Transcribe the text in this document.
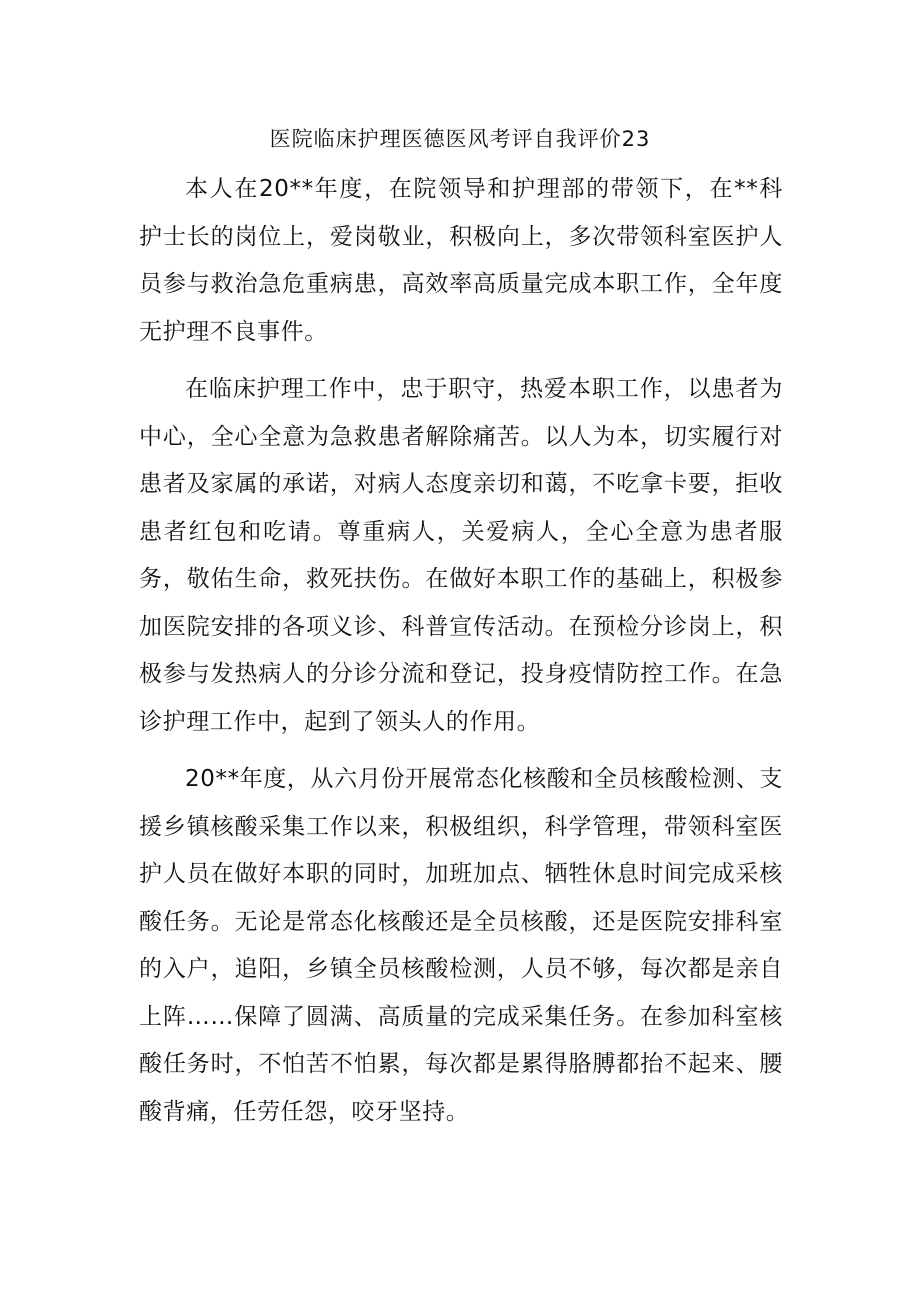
医院临床护理医德医风考评自我评价23

本人在20**年度，在院领导和护理部的带领下，在**科护士长的岗位上，爱岗敬业，积极向上，多次带领科室医护人员参与救治急危重病患，高效率高质量完成本职工作，全年度无护理不良事件。

在临床护理工作中，忠于职守，热爱本职工作，以患者为中心，全心全意为急救患者解除痛苦。以人为本，切实履行对患者及家属的承诺，对病人态度亲切和蔼，不吃拿卡要，拒收患者红包和吃请。尊重病人，关爱病人，全心全意为患者服务，敬佑生命，救死扶伤。在做好本职工作的基础上，积极参加医院安排的各项义诊、科普宣传活动。在预检分诊岗上，积极参与发热病人的分诊分流和登记，投身疫情防控工作。在急诊护理工作中，起到了领头人的作用。

20**年度，从六月份开展常态化核酸和全员核酸检测、支援乡镇核酸采集工作以来，积极组织，科学管理，带领科室医护人员在做好本职的同时，加班加点、牺牲休息时间完成采核酸任务。无论是常态化核酸还是全员核酸，还是医院安排科室的入户，追阳，乡镇全员核酸检测，人员不够，每次都是亲自上阵……保障了圆满、高质量的完成采集任务。在参加科室核酸任务时，不怕苦不怕累，每次都是累得胳膊都抬不起来、腰酸背痛，任劳任怨，咬牙坚持。
